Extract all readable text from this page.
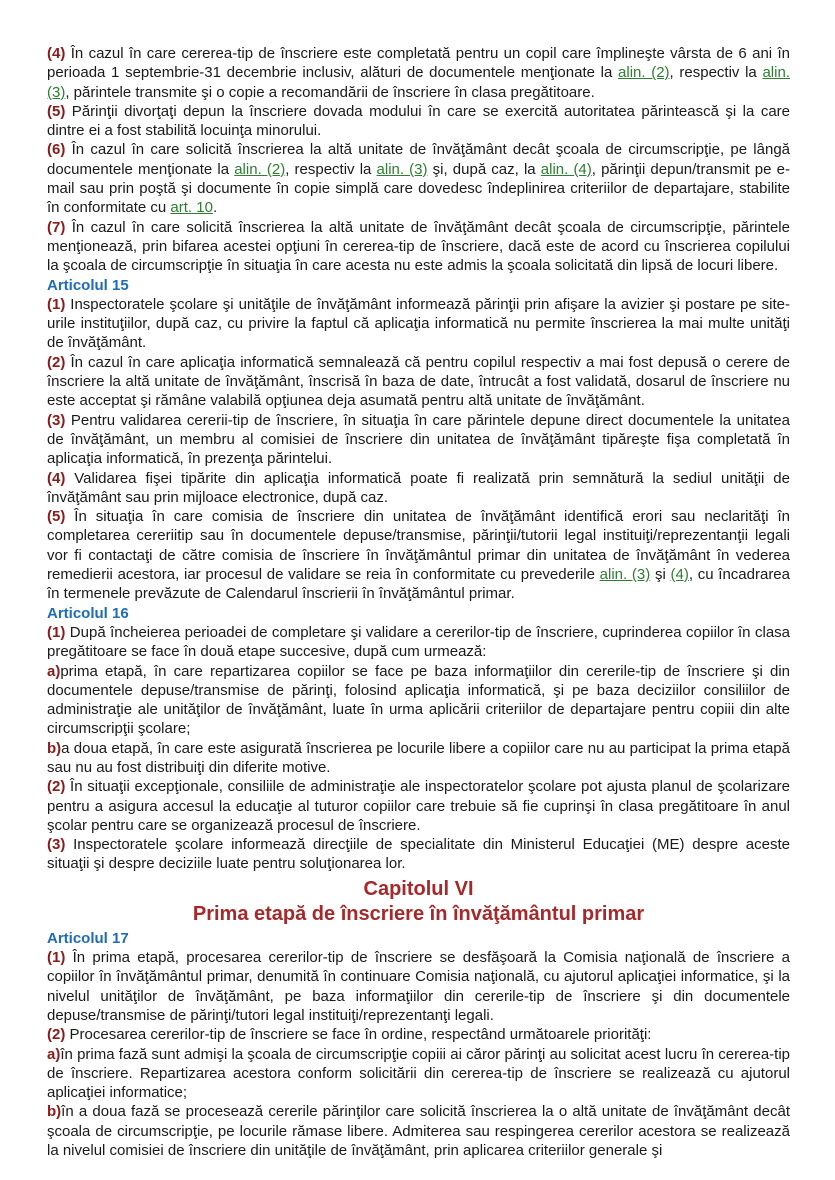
(4) În cazul în care cererea-tip de înscriere este completată pentru un copil care împlineşte vârsta de 6 ani în perioada 1 septembrie-31 decembrie inclusiv, alături de documentele menţionate la alin. (2), respectiv la alin. (3), părintele transmite şi o copie a recomandării de înscriere în clasa pregătitoare.

(5) Părinţii divorţaţi depun la înscriere dovada modului în care se exercită autoritatea părintească şi la care dintre ei a fost stabilită locuinţa minorului.

(6) În cazul în care solicită înscrierea la altă unitate de învăţământ decât şcoala de circumscripţie, pe lângă documentele menţionate la alin. (2), respectiv la alin. (3) şi, după caz, la alin. (4), părinţii depun/transmit pe e-mail sau prin poştă şi documente în copie simplă care dovedesc îndeplinirea criteriilor de departajare, stabilite în conformitate cu art. 10.

(7) În cazul în care solicită înscrierea la altă unitate de învăţământ decât şcoala de circumscripţie, părintele menţionează, prin bifarea acestei opţiuni în cererea-tip de înscriere, dacă este de acord cu înscrierea copilului la şcoala de circumscripţie în situaţia în care acesta nu este admis la şcoala solicitată din lipsă de locuri libere.

Articolul 15

(1) Inspectoratele şcolare şi unităţile de învăţământ informează părinţii prin afişare la avizier şi postare pe site-urile instituţiilor, după caz, cu privire la faptul că aplicaţia informatică nu permite înscrierea la mai multe unităţi de învăţământ.

(2) În cazul în care aplicaţia informatică semnalează că pentru copilul respectiv a mai fost depusă o cerere de înscriere la altă unitate de învăţământ, înscrisă în baza de date, întrucât a fost validată, dosarul de înscriere nu este acceptat şi rămâne valabilă opţiunea deja asumată pentru altă unitate de învăţământ.

(3) Pentru validarea cererii-tip de înscriere, în situaţia în care părintele depune direct documentele la unitatea de învăţământ, un membru al comisiei de înscriere din unitatea de învăţământ tipăreşte fişa completată în aplicaţia informatică, în prezenţa părintelui.

(4) Validarea fişei tipărite din aplicaţia informatică poate fi realizată prin semnătură la sediul unităţii de învăţământ sau prin mijloace electronice, după caz.

(5) În situaţia în care comisia de înscriere din unitatea de învăţământ identifică erori sau neclarităţi în completarea cereriitip sau în documentele depuse/transmise, părinţii/tutorii legal instituiţi/reprezentanţii legali vor fi contactaţi de către comisia de înscriere în învăţământul primar din unitatea de învăţământ în vederea remedierii acestora, iar procesul de validare se reia în conformitate cu prevederile alin. (3) şi (4), cu încadrarea în termenele prevăzute de Calendarul înscrierii în învăţământul primar.

Articolul 16

(1) După încheierea perioadei de completare şi validare a cererilor-tip de înscriere, cuprinderea copiilor în clasa pregătitoare se face în două etape succesive, după cum urmează:

a)prima etapă, în care repartizarea copiilor se face pe baza informaţiilor din cererile-tip de înscriere şi din documentele depuse/transmise de părinţi, folosind aplicaţia informatică, şi pe baza deciziilor consiliilor de administraţie ale unităţilor de învăţământ, luate în urma aplicării criteriilor de departajare pentru copiii din alte circumscripţii şcolare;

b)a doua etapă, în care este asigurată înscrierea pe locurile libere a copiilor care nu au participat la prima etapă sau nu au fost distribuiţi din diferite motive.

(2) În situaţii excepţionale, consiliile de administraţie ale inspectoratelor şcolare pot ajusta planul de şcolarizare pentru a asigura accesul la educaţie al tuturor copiilor care trebuie să fie cuprinşi în clasa pregătitoare în anul şcolar pentru care se organizează procesul de înscriere.

(3) Inspectoratele şcolare informează direcţiile de specialitate din Ministerul Educaţiei (ME) despre aceste situaţii şi despre deciziile luate pentru soluţionarea lor.

Capitolul VI
Prima etapă de înscriere în învăţământul primar
Articolul 17

(1) În prima etapă, procesarea cererilor-tip de înscriere se desfăşoară la Comisia naţională de înscriere a copiilor în învăţământul primar, denumită în continuare Comisia naţională, cu ajutorul aplicaţiei informatice, şi la nivelul unităţilor de învăţământ, pe baza informaţiilor din cererile-tip de înscriere şi din documentele depuse/transmise de părinţi/tutori legal instituiţi/reprezentanţi legali.

(2) Procesarea cererilor-tip de înscriere se face în ordine, respectând următoarele priorităţi:

a)în prima fază sunt admişi la şcoala de circumscripţie copiii ai căror părinţi au solicitat acest lucru în cererea-tip de înscriere. Repartizarea acestora conform solicitării din cererea-tip de înscriere se realizează cu ajutorul aplicaţiei informatice;

b)în a doua fază se procesează cererile părinţilor care solicită înscrierea la o altă unitate de învăţământ decât şcoala de circumscripţie, pe locurile rămase libere. Admiterea sau respingerea cererilor acestora se realizează la nivelul comisiei de înscriere din unităţile de învăţământ, prin aplicarea criteriilor generale şi
